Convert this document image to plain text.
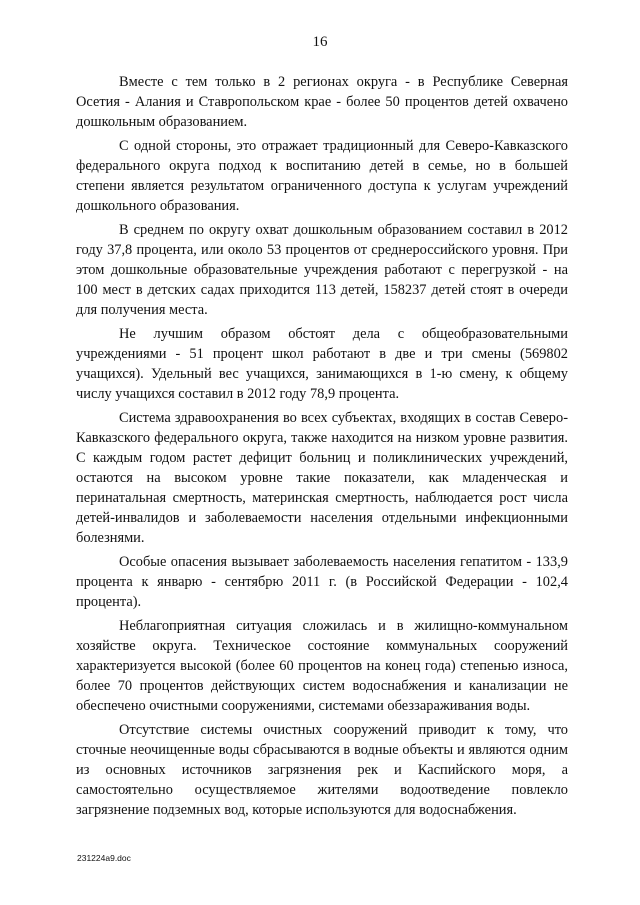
16

Вместе с тем только в 2 регионах округа - в Республике Северная Осетия - Алания и Ставропольском крае - более 50 процентов детей охвачено дошкольным образованием.

С одной стороны, это отражает традиционный для Северо-Кавказского федерального округа подход к воспитанию детей в семье, но в большей степени является результатом ограниченного доступа к услугам учреждений дошкольного образования.

В среднем по округу охват дошкольным образованием составил в 2012 году 37,8 процента, или около 53 процентов от среднероссийского уровня. При этом дошкольные образовательные учреждения работают с перегрузкой - на 100 мест в детских садах приходится 113 детей, 158237 детей стоят в очереди для получения места.

Не лучшим образом обстоят дела с общеобразовательными учреждениями - 51 процент школ работают в две и три смены (569802 учащихся). Удельный вес учащихся, занимающихся в 1-ю смену, к общему числу учащихся составил в 2012 году 78,9 процента.

Система здравоохранения во всех субъектах, входящих в состав Северо-Кавказского федерального округа, также находится на низком уровне развития. С каждым годом растет дефицит больниц и поликлинических учреждений, остаются на высоком уровне такие показатели, как младенческая и перинатальная смертность, материнская смертность, наблюдается рост числа детей-инвалидов и заболеваемости населения отдельными инфекционными болезнями.

Особые опасения вызывает заболеваемость населения гепатитом - 133,9 процента к январю - сентябрю 2011 г. (в Российской Федерации - 102,4 процента).

Неблагоприятная ситуация сложилась и в жилищно-коммунальном хозяйстве округа. Техническое состояние коммунальных сооружений характеризуется высокой (более 60 процентов на конец года) степенью износа, более 70 процентов действующих систем водоснабжения и канализации не обеспечено очистными сооружениями, системами обеззараживания воды.

Отсутствие системы очистных сооружений приводит к тому, что сточные неочищенные воды сбрасываются в водные объекты и являются одним из основных источников загрязнения рек и Каспийского моря, а самостоятельно осуществляемое жителями водоотведение повлекло загрязнение подземных вод, которые используются для водоснабжения.

231224a9.doc
